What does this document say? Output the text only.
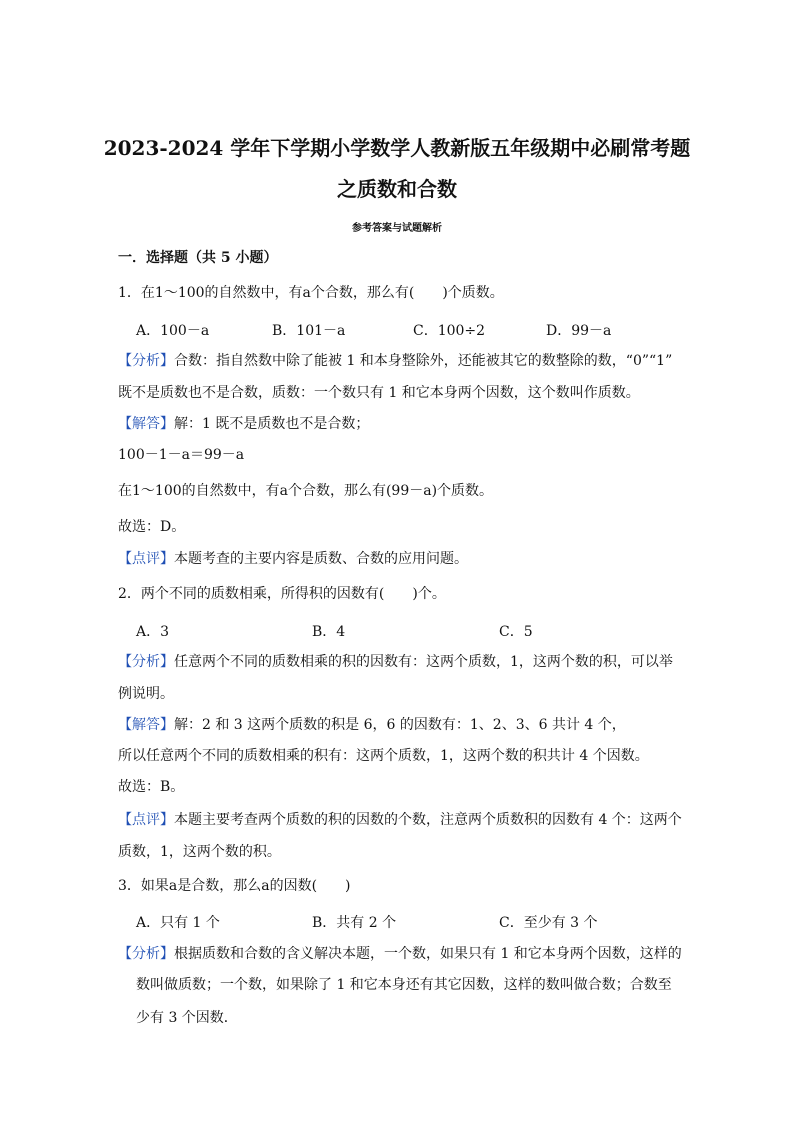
2023-2024 学年下学期小学数学人教新版五年级期中必刷常考题
之质数和合数
参考答案与试题解析
一．选择题（共 5 小题）
1．在1～100的自然数中，有a个合数，那么有(　　)个质数。
A．100－a	B．101－a	C．100÷2	D．99－a
【分析】合数：指自然数中除了能被 1 和本身整除外，还能被其它的数整除的数，“0”“1”
既不是质数也不是合数，质数：一个数只有 1 和它本身两个因数，这个数叫作质数。
【解答】解：1 既不是质数也不是合数；
100－1－a＝99－a
在1～100的自然数中，有a个合数，那么有(99－a)个质数。
故选：D。
【点评】本题考查的主要内容是质数、合数的应用问题。
2．两个不同的质数相乘，所得积的因数有(　　)个。
A．3	B．4	C．5
【分析】任意两个不同的质数相乘的积的因数有：这两个质数，1，这两个数的积，可以举
例说明。
【解答】解：2 和 3 这两个质数的积是 6，6 的因数有：1、2、3、6 共计 4 个，
所以任意两个不同的质数相乘的积有：这两个质数，1，这两个数的积共计 4 个因数。
故选：B。
【点评】本题主要考查两个质数的积的因数的个数，注意两个质数积的因数有 4 个：这两个
质数，1，这两个数的积。
3．如果a是合数，那么a的因数(　　)
A．只有 1 个	B．共有 2 个	C．至少有 3 个
【分析】根据质数和合数的含义解决本题，一个数，如果只有 1 和它本身两个因数，这样的
数叫做质数；一个数，如果除了 1 和它本身还有其它因数，这样的数叫做合数；合数至
少有 3 个因数．
